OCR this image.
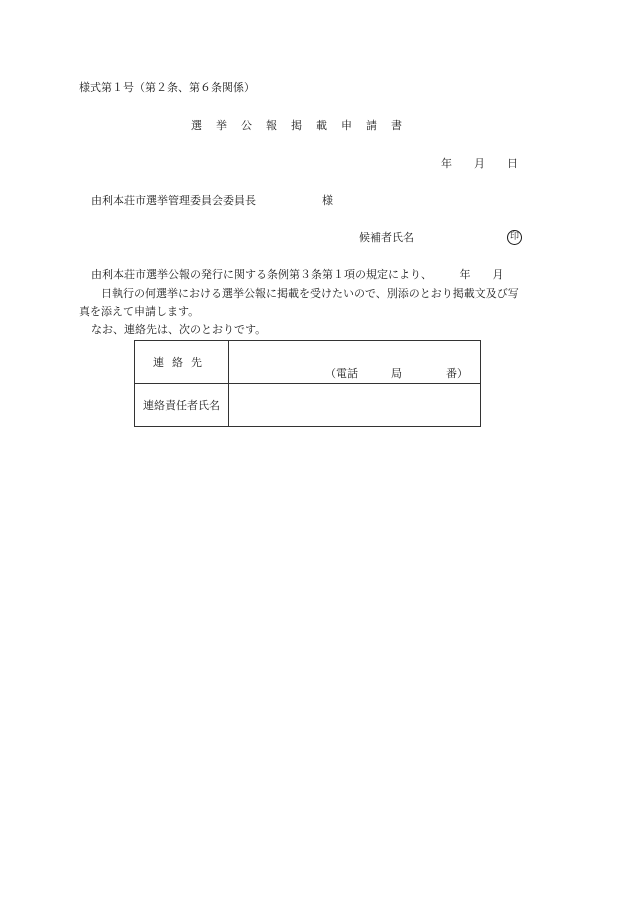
様式第１号（第２条、第６条関係）
選挙公報掲載申請書
年　　月　　日
由利本荘市選挙管理委員会委員長　　　　　　様
候補者氏名	印
由利本荘市選挙公報の発行に関する条例第３条第１項の規定により、　　　年　　月
日執行の何選挙における選挙公報に掲載を受けたいので、別添のとおり掲載文及び写
真を添えて申請します。
なお、連絡先は、次のとおりです。
連絡先	（電話　　　局　　　　番）

連絡責任者氏名	
